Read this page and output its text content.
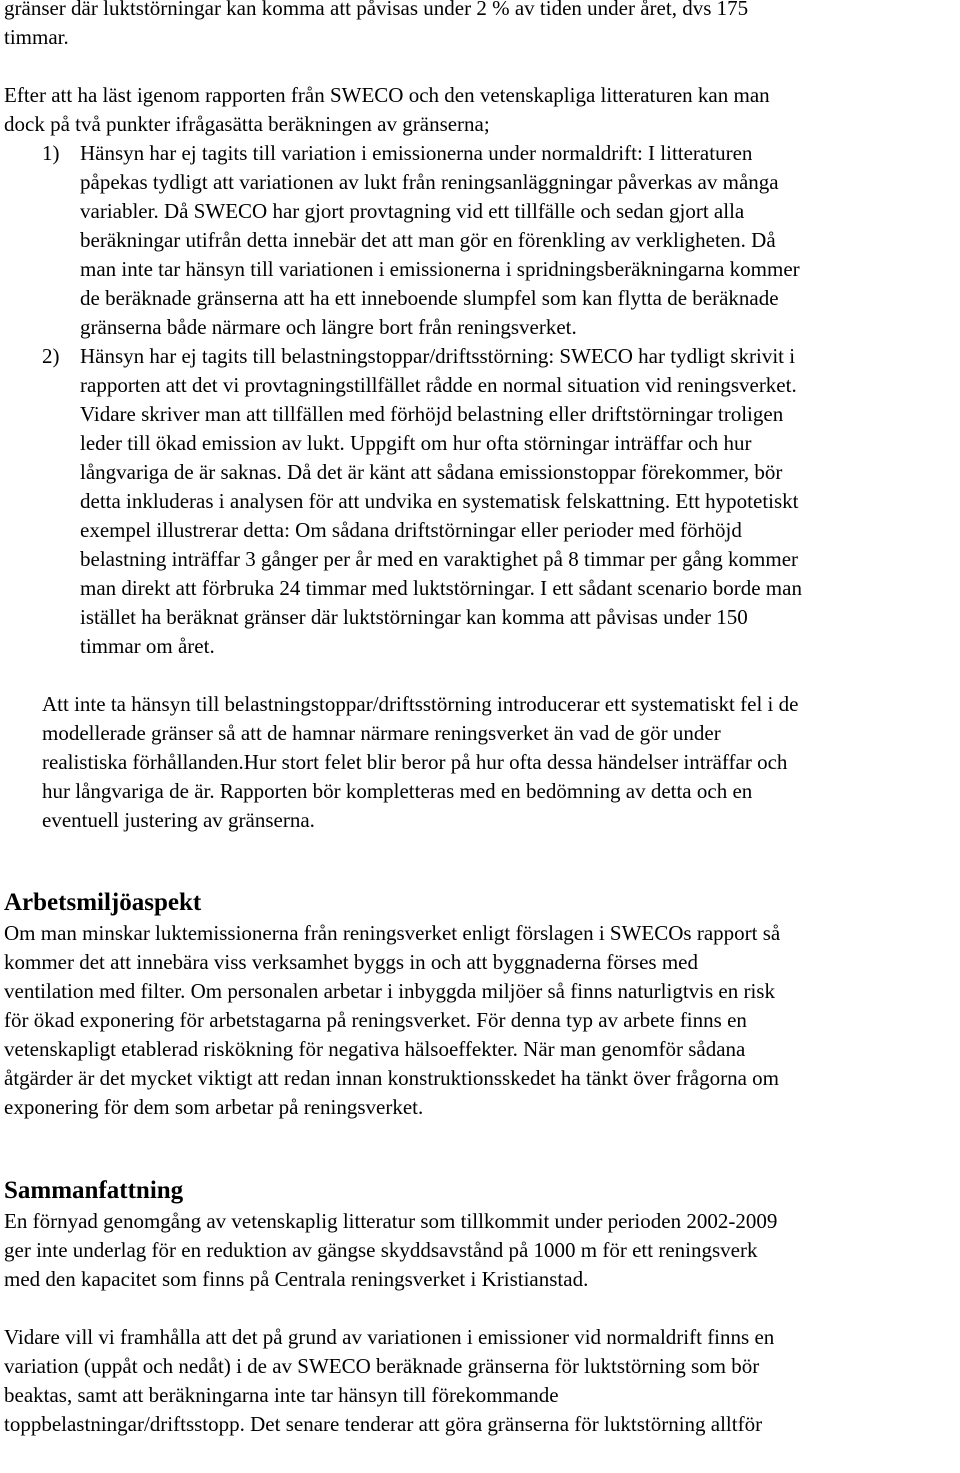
gränser där luktstörningar kan komma att påvisas under 2 % av tiden under året, dvs 175
timmar.
Efter att ha läst igenom rapporten från SWECO och den vetenskapliga litteraturen kan man
dock på två punkter ifrågasätta beräkningen av gränserna;
1) Hänsyn har ej tagits till variation i emissionerna under normaldrift: I litteraturen
påpekas tydligt att variationen av lukt från reningsanläggningar påverkas av många
variabler. Då SWECO har gjort provtagning vid ett tillfälle och sedan gjort alla
beräkningar utifrån detta innebär det att man gör en förenkling av verkligheten. Då
man inte tar hänsyn till variationen i emissionerna i spridningsberäkningarna kommer
de beräknade gränserna att ha ett inneboende slumpfel som kan flytta de beräknade
gränserna både närmare och längre bort från reningsverket.
2) Hänsyn har ej tagits till belastningstoppar/driftsstörning: SWECO har tydligt skrivit i
rapporten att det vi provtagningstillfället rådde en normal situation vid reningsverket.
Vidare skriver man att tillfällen med förhöjd belastning eller driftstörningar troligen
leder till ökad emission av lukt. Uppgift om hur ofta störningar inträffar och hur
långvariga de är saknas. Då det är känt att sådana emissionstoppar förekommer, bör
detta inkluderas i analysen för att undvika en systematisk felskattning. Ett hypotetiskt
exempel illustrerar detta: Om sådana driftstörningar eller perioder med förhöjd
belastning inträffar 3 gånger per år med en varaktighet på 8 timmar per gång kommer
man direkt att förbruka 24 timmar med luktstörningar. I ett sådant scenario borde man
istället ha beräknat gränser där luktstörningar kan komma att påvisas under 150
timmar om året.
Att inte ta hänsyn till belastningstoppar/driftsstörning introducerar ett systematiskt fel i de
modellerade gränser så att de hamnar närmare reningsverket än vad de gör under
realistiska förhållanden.Hur stort felet blir beror på hur ofta dessa händelser inträffar och
hur långvariga de är. Rapporten bör kompletteras med en bedömning av detta och en
eventuell justering av gränserna.
Arbetsmiljöaspekt
Om man minskar luktemissionerna från reningsverket enligt förslagen i SWECOs rapport så
kommer det att innebära viss verksamhet byggs in och att byggnaderna förses med
ventilation med filter. Om personalen arbetar i inbyggda miljöer så finns naturligtvis en risk
för ökad exponering för arbetstagarna på reningsverket. För denna typ av arbete finns en
vetenskapligt etablerad riskökning för negativa hälsoeffekter. När man genomför sådana
åtgärder är det mycket viktigt att redan innan konstruktionsskedet ha tänkt över frågorna om
exponering för dem som arbetar på reningsverket.
Sammanfattning
En förnyad genomgång av vetenskaplig litteratur som tillkommit under perioden 2002-2009
ger inte underlag för en reduktion av gängse skyddsavstånd på 1000 m för ett reningsverk
med den kapacitet som finns på Centrala reningsverket i Kristianstad.
Vidare vill vi framhålla att det på grund av variationen i emissioner vid normaldrift finns en
variation (uppåt och nedåt) i de av SWECO beräknade gränserna för luktstörning som bör
beaktas, samt att beräkningarna inte tar hänsyn till förekommande
toppbelastningar/driftsstopp. Det senare tenderar att göra gränserna för luktstörning alltför
